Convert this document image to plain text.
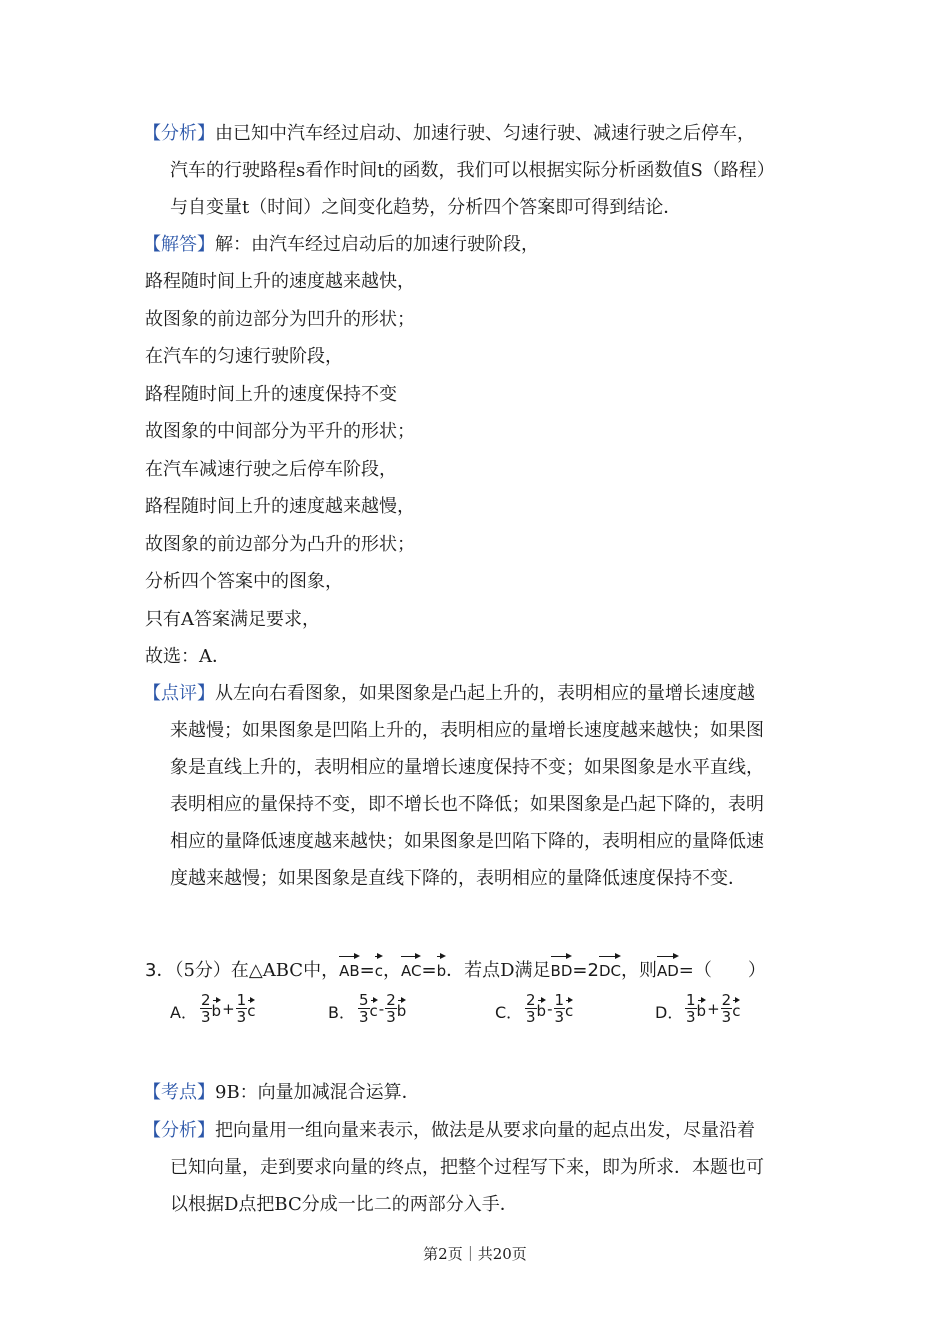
【分析】由已知中汽车经过启动、加速行驶、匀速行驶、减速行驶之后停车，
汽车的行驶路程s看作时间t的函数，我们可以根据实际分析函数值S（路程）
与自变量t（时间）之间变化趋势，分析四个答案即可得到结论．
【解答】解：由汽车经过启动后的加速行驶阶段，
路程随时间上升的速度越来越快，
故图象的前边部分为凹升的形状；
在汽车的匀速行驶阶段，
路程随时间上升的速度保持不变
故图象的中间部分为平升的形状；
在汽车减速行驶之后停车阶段，
路程随时间上升的速度越来越慢，
故图象的前边部分为凸升的形状；
分析四个答案中的图象，
只有A答案满足要求，
故选：A．
【点评】从左向右看图象，如果图象是凸起上升的，表明相应的量增长速度越
来越慢；如果图象是凹陷上升的，表明相应的量增长速度越来越快；如果图
象是直线上升的，表明相应的量增长速度保持不变；如果图象是水平直线，
表明相应的量保持不变，即不增长也不降低；如果图象是凸起下降的，表明
相应的量降低速度越来越快；如果图象是凹陷下降的，表明相应的量降低速
度越来越慢；如果图象是直线下降的，表明相应的量降低速度保持不变．
3．（5分）在△ABC中，AB=c，AC=b．若点D满足BD=2DC，则AD=（　　）
A． $\frac{2}{3} b+ \frac{1}{3}$ c	B． $\frac{5}{3} c- \frac{2}{3}$ b	C． $\frac{2}{3} b- \frac{1}{3}$ c	D． $\frac{1}{3} b+ \frac{2}{3}$ c
【考点】9B：向量加减混合运算．
【分析】把向量用一组向量来表示，做法是从要求向量的起点出发，尽量沿着
已知向量，走到要求向量的终点，把整个过程写下来，即为所求．本题也可
以根据D点把BC分成一比二的两部分入手．
第2页｜共20页
